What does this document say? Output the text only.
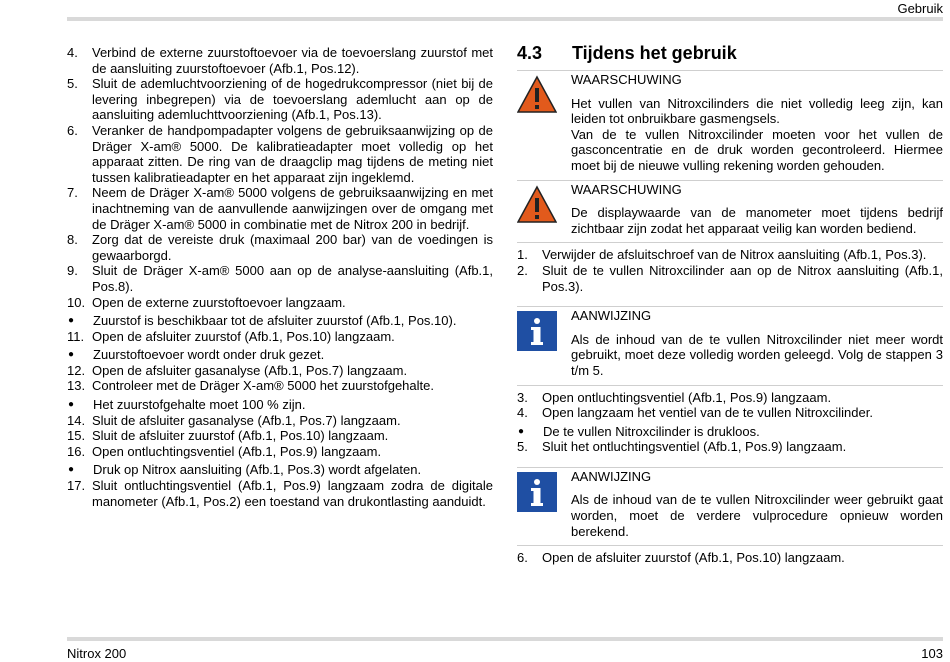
Gebruik
4.	Verbind de externe zuurstoftoevoer via de toevoerslang zuurstof met de aansluiting zuurstoftoevoer (Afb.1, Pos.12).
5.	Sluit de ademluchtvoorziening of de hogedrukcompressor (niet bij de levering inbegrepen) via de toevoerslang ademlucht aan op de aansluiting ademluchttvoorziening (Afb.1, Pos.13).
6.	Veranker de handpompadapter volgens de gebruiksaanwijzing op de Dräger X-am® 5000. De kalibratieadapter moet volledig op het apparaat zitten. De ring van de draagclip mag tijdens de meting niet tussen kalibratieadapter en het apparaat zijn ingeklemd.
7.	Neem de Dräger X-am® 5000 volgens de gebruiksaanwijzing en met inachtneming van de aanvullende aanwijzingen over de omgang met de Dräger X-am® 5000 in combinatie met de Nitrox 200 in bedrijf.
8.	Zorg dat de vereiste druk (maximaal 200 bar) van de voedingen is gewaarborgd.
9.	Sluit de Dräger X-am® 5000 aan op de analyse-aansluiting (Afb.1, Pos.8).
10. Open de externe zuurstoftoevoer langzaam.
●	Zuurstof is beschikbaar tot de afsluiter zuurstof (Afb.1, Pos.10).
11. Open de afsluiter zuurstof (Afb.1, Pos.10) langzaam.
●	Zuurstoftoevoer wordt onder druk gezet.
12. Open de afsluiter gasanalyse (Afb.1, Pos.7) langzaam.
13. Controleer met de Dräger X-am® 5000 het zuurstofgehalte.
●	Het zuurstofgehalte moet 100 % zijn.
14. Sluit de afsluiter gasanalyse (Afb.1, Pos.7) langzaam.
15. Sluit de afsluiter zuurstof (Afb.1, Pos.10) langzaam.
16. Open ontluchtingsventiel (Afb.1, Pos.9) langzaam.
●	Druk op Nitrox aansluiting (Afb.1, Pos.3) wordt afgelaten.
17. Sluit ontluchtingsventiel (Afb.1, Pos.9) langzaam zodra de digitale manometer (Afb.1, Pos.2) een toestand van drukontlasting aanduidt.
4.3	Tijdens het gebruik
WAARSCHUWING
Het vullen van Nitroxcilinders die niet volledig leeg zijn, kan leiden tot onbruikbare gasmengsels.
Van de te vullen Nitroxcilinder moeten voor het vullen de gasconcentratie en de druk worden gecontroleerd. Hiermee moet bij de nieuwe vulling rekening worden gehouden.
WAARSCHUWING
De displaywaarde van de manometer moet tijdens bedrijf zichtbaar zijn zodat het apparaat veilig kan worden bediend.
1.	Verwijder de afsluitschroef van de Nitrox aansluiting (Afb.1, Pos.3).
2.	Sluit de te vullen Nitroxcilinder aan op de Nitrox aansluiting (Afb.1, Pos.3).
AANWIJZING
Als de inhoud van de te vullen Nitroxcilinder niet meer wordt gebruikt, moet deze volledig worden geleegd. Volg de stappen 3 t/m 5.
3.	Open ontluchtingsventiel (Afb.1, Pos.9) langzaam.
4.	Open langzaam het ventiel van de te vullen Nitroxcilinder.
●	De te vullen Nitroxcilinder is drukloos.
5.	Sluit het ontluchtingsventiel (Afb.1, Pos.9) langzaam.
AANWIJZING
Als de inhoud van de te vullen Nitroxcilinder weer gebruikt gaat worden, moet de verdere vulprocedure opnieuw worden berekend.
6.	Open de afsluiter zuurstof (Afb.1, Pos.10) langzaam.
Nitrox 200	103
